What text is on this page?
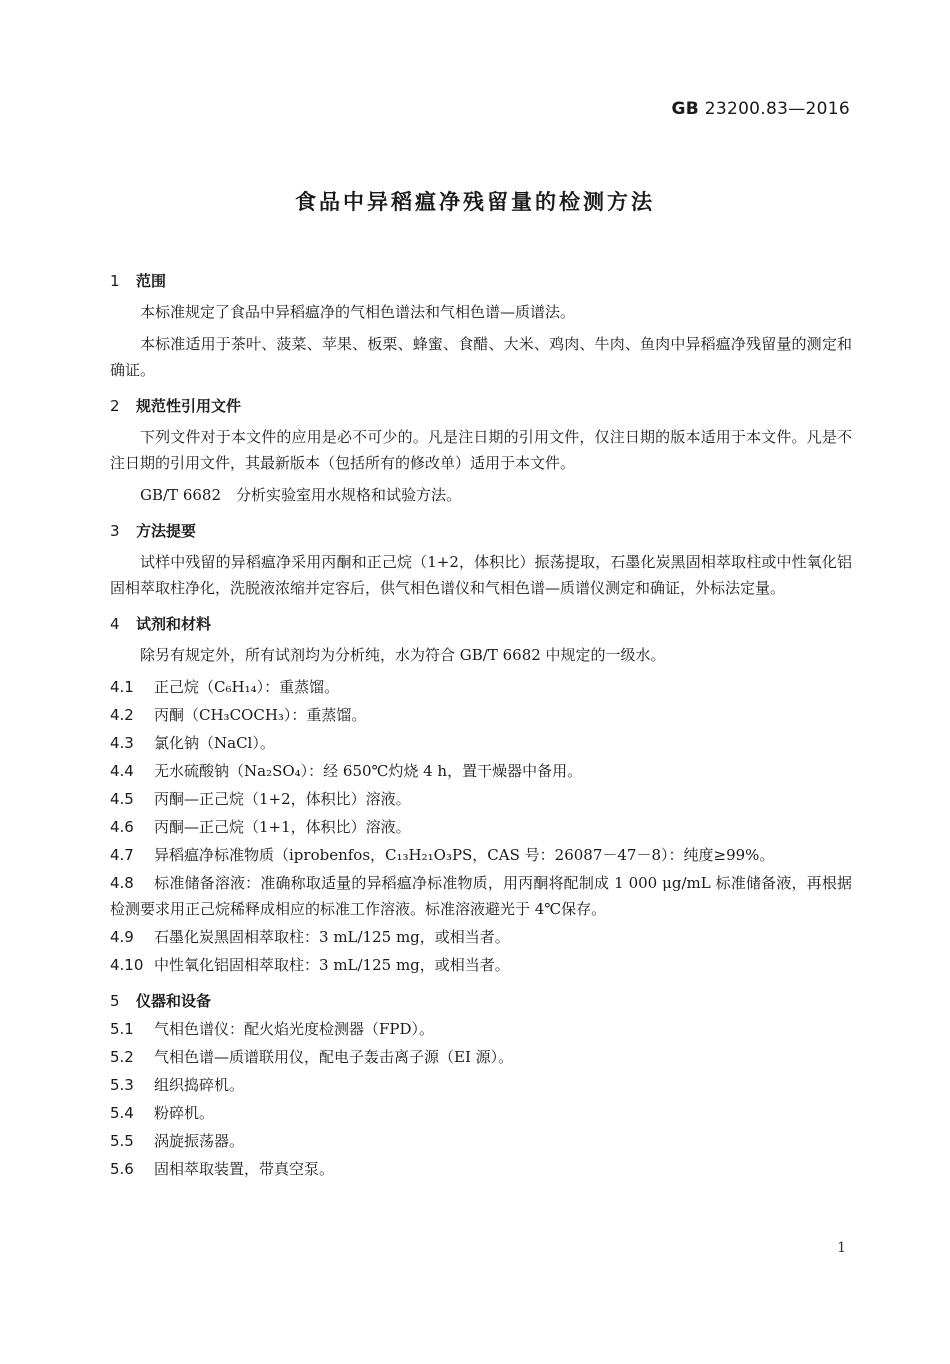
GB 23200.83—2016
食品中异稻瘟净残留量的检测方法
1 范围

本标准规定了食品中异稻瘟净的气相色谱法和气相色谱—质谱法。

本标准适用于茶叶、菠菜、苹果、板栗、蜂蜜、食醋、大米、鸡肉、牛肉、鱼肉中异稻瘟净残留量的测定和确证。

2 规范性引用文件

下列文件对于本文件的应用是必不可少的。凡是注日期的引用文件，仅注日期的版本适用于本文件。凡是不注日期的引用文件，其最新版本（包括所有的修改单）适用于本文件。

GB/T 6682　分析实验室用水规格和试验方法。

3 方法提要

试样中残留的异稻瘟净采用丙酮和正己烷（1+2，体积比）振荡提取，石墨化炭黑固相萃取柱或中性氧化铝固相萃取柱净化，洗脱液浓缩并定容后，供气相色谱仪和气相色谱—质谱仪测定和确证，外标法定量。

4 试剂和材料

除另有规定外，所有试剂均为分析纯，水为符合 GB/T 6682 中规定的一级水。

4.1 正己烷（C₆H₁₄）：重蒸馏。
4.2 丙酮（CH₃COCH₃）：重蒸馏。
4.3 氯化钠（NaCl）。
4.4 无水硫酸钠（Na₂SO₄）：经 650℃灼烧 4 h，置干燥器中备用。
4.5 丙酮—正己烷（1+2，体积比）溶液。
4.6 丙酮—正己烷（1+1，体积比）溶液。
4.7 异稻瘟净标准物质（iprobenfos，C₁₃H₂₁O₃PS，CAS 号：26087－47－8）：纯度≥99%。
4.8 标准储备溶液：准确称取适量的异稻瘟净标准物质，用丙酮将配制成 1 000 μg/mL 标准储备液，再根据检测要求用正己烷稀释成相应的标准工作溶液。标准溶液避光于 4℃保存。
4.9 石墨化炭黑固相萃取柱：3 mL/125 mg，或相当者。
4.10 中性氧化铝固相萃取柱：3 mL/125 mg，或相当者。
5 仪器和设备
5.1 气相色谱仪：配火焰光度检测器（FPD）。
5.2 气相色谱—质谱联用仪，配电子轰击离子源（EI 源）。
5.3 组织捣碎机。
5.4 粉碎机。
5.5 涡旋振荡器。
5.6 固相萃取装置，带真空泵。
1
